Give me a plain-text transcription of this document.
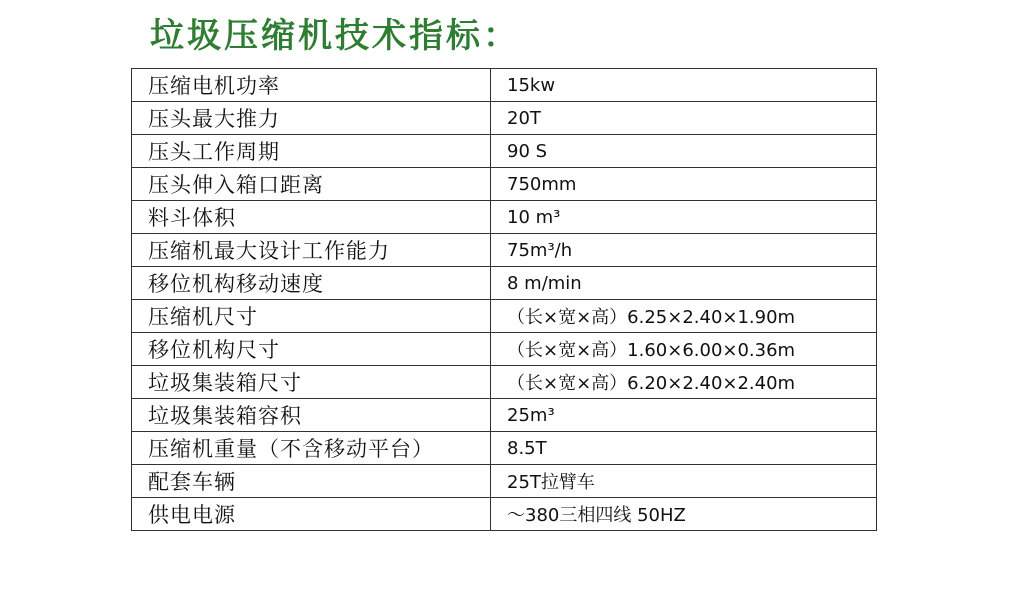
垃圾压缩机技术指标：
压缩电机功率	15kw
压头最大推力	20T
压头工作周期	90 S
压头伸入箱口距离	750mm
料斗体积	10 m³
压缩机最大设计工作能力	75m³/h
移位机构移动速度	8 m/min
压缩机尺寸	（长×宽×高）6.25×2.40×1.90m
移位机构尺寸	（长×宽×高）1.60×6.00×0.36m
垃圾集装箱尺寸	（长×宽×高）6.20×2.40×2.40m
垃圾集装箱容积	25m³
压缩机重量（不含移动平台）	8.5T
配套车辆	25T拉臂车
供电电源	～380三相四线 50HZ
